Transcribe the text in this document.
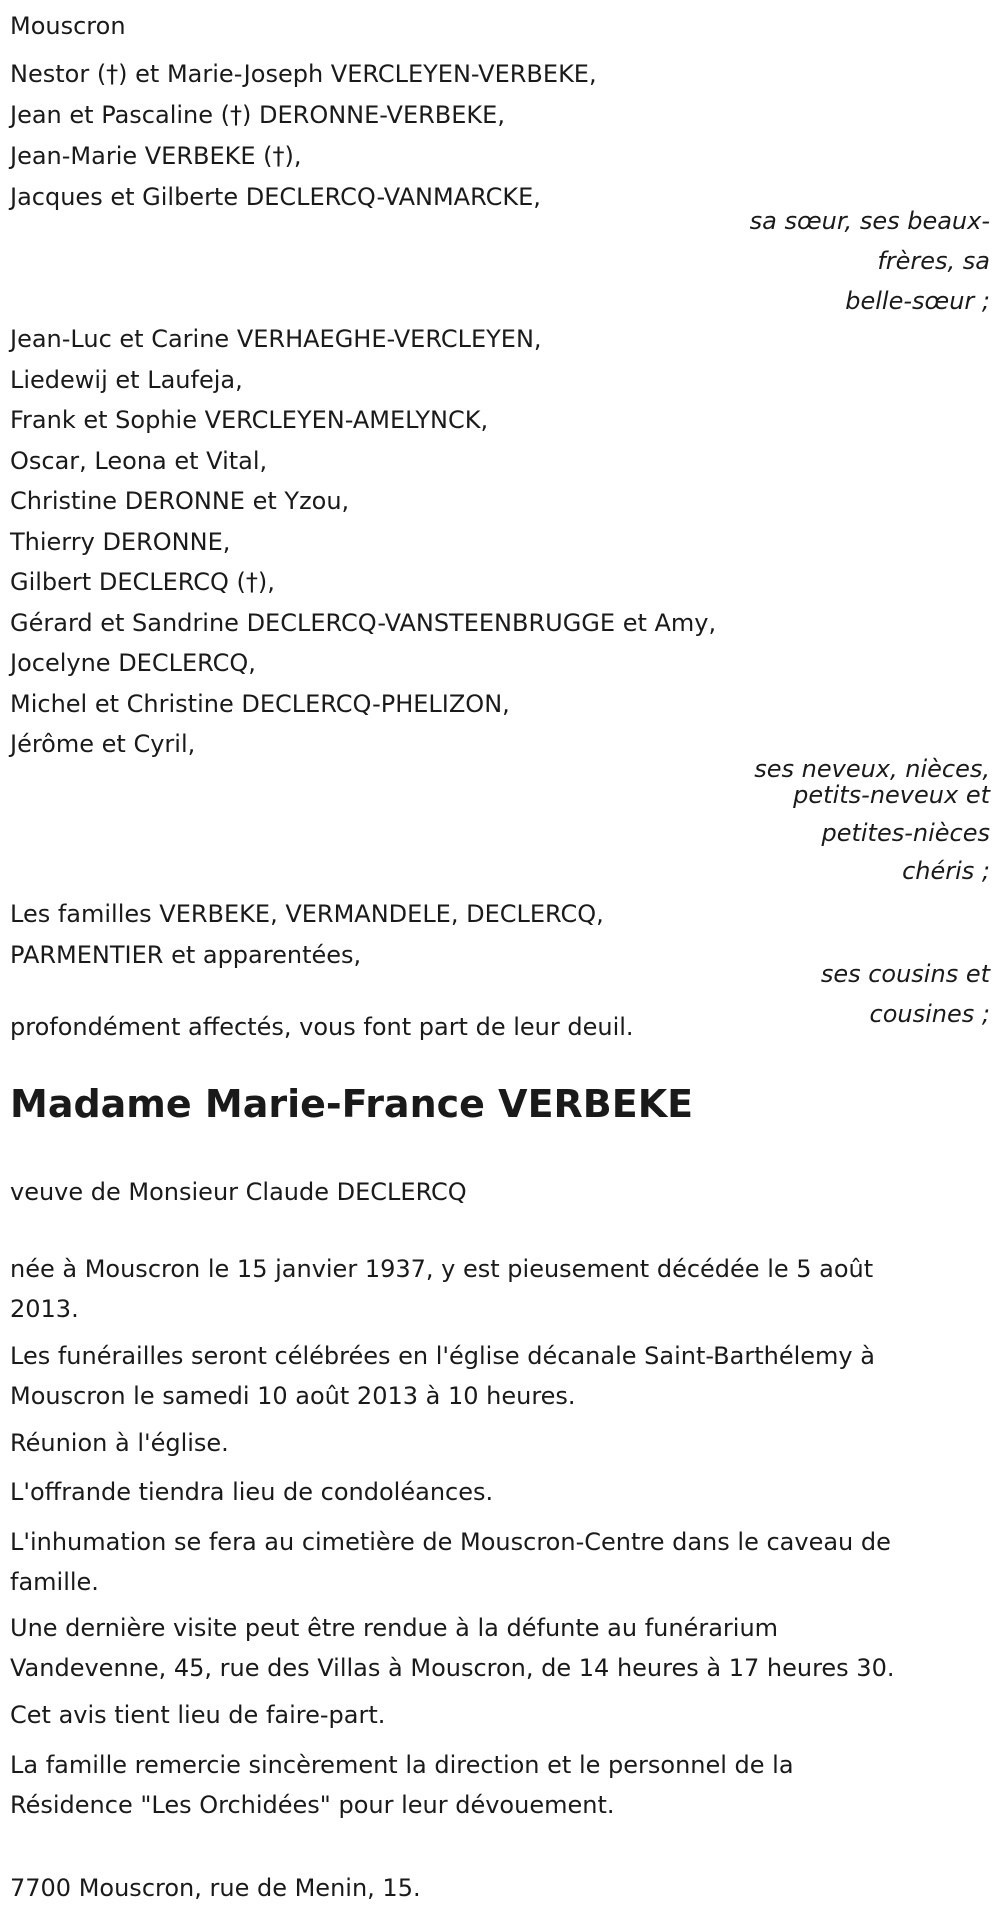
Mouscron
Nestor (†) et Marie-Joseph VERCLEYEN-VERBEKE,
Jean et Pascaline (†) DERONNE-VERBEKE,
Jean-Marie VERBEKE (†),
Jacques et Gilberte DECLERCQ-VANMARCKE,
sa sœur, ses beaux-
frères, sa
belle-sœur ;
Jean-Luc et Carine VERHAEGHE-VERCLEYEN,
Liedewij et Laufeja,
Frank et Sophie VERCLEYEN-AMELYNCK,
Oscar, Leona et Vital,
Christine DERONNE et Yzou,
Thierry DERONNE,
Gilbert DECLERCQ (†),
Gérard et Sandrine DECLERCQ-VANSTEENBRUGGE et Amy,
Jocelyne DECLERCQ,
Michel et Christine DECLERCQ-PHELIZON,
Jérôme et Cyril,
ses neveux, nièces,
petits-neveux et
petites-nièces
chéris ;
Les familles VERBEKE, VERMANDELE, DECLERCQ,
PARMENTIER et apparentées,
ses cousins et
cousines ;
profondément affectés, vous font part de leur deuil.
Madame Marie-France VERBEKE
veuve de Monsieur Claude DECLERCQ
née à Mouscron le 15 janvier 1937, y est pieusement décédée le 5 août
2013.
Les funérailles seront célébrées en l'église décanale Saint-Barthélemy à
Mouscron le samedi 10 août 2013 à 10 heures.
Réunion à l'église.
L'offrande tiendra lieu de condoléances.
L'inhumation se fera au cimetière de Mouscron-Centre dans le caveau de
famille.
Une dernière visite peut être rendue à la défunte au funérarium
Vandevenne, 45, rue des Villas à Mouscron, de 14 heures à 17 heures 30.
Cet avis tient lieu de faire-part.
La famille remercie sincèrement la direction et le personnel de la
Résidence "Les Orchidées" pour leur dévouement.
7700 Mouscron, rue de Menin, 15.
